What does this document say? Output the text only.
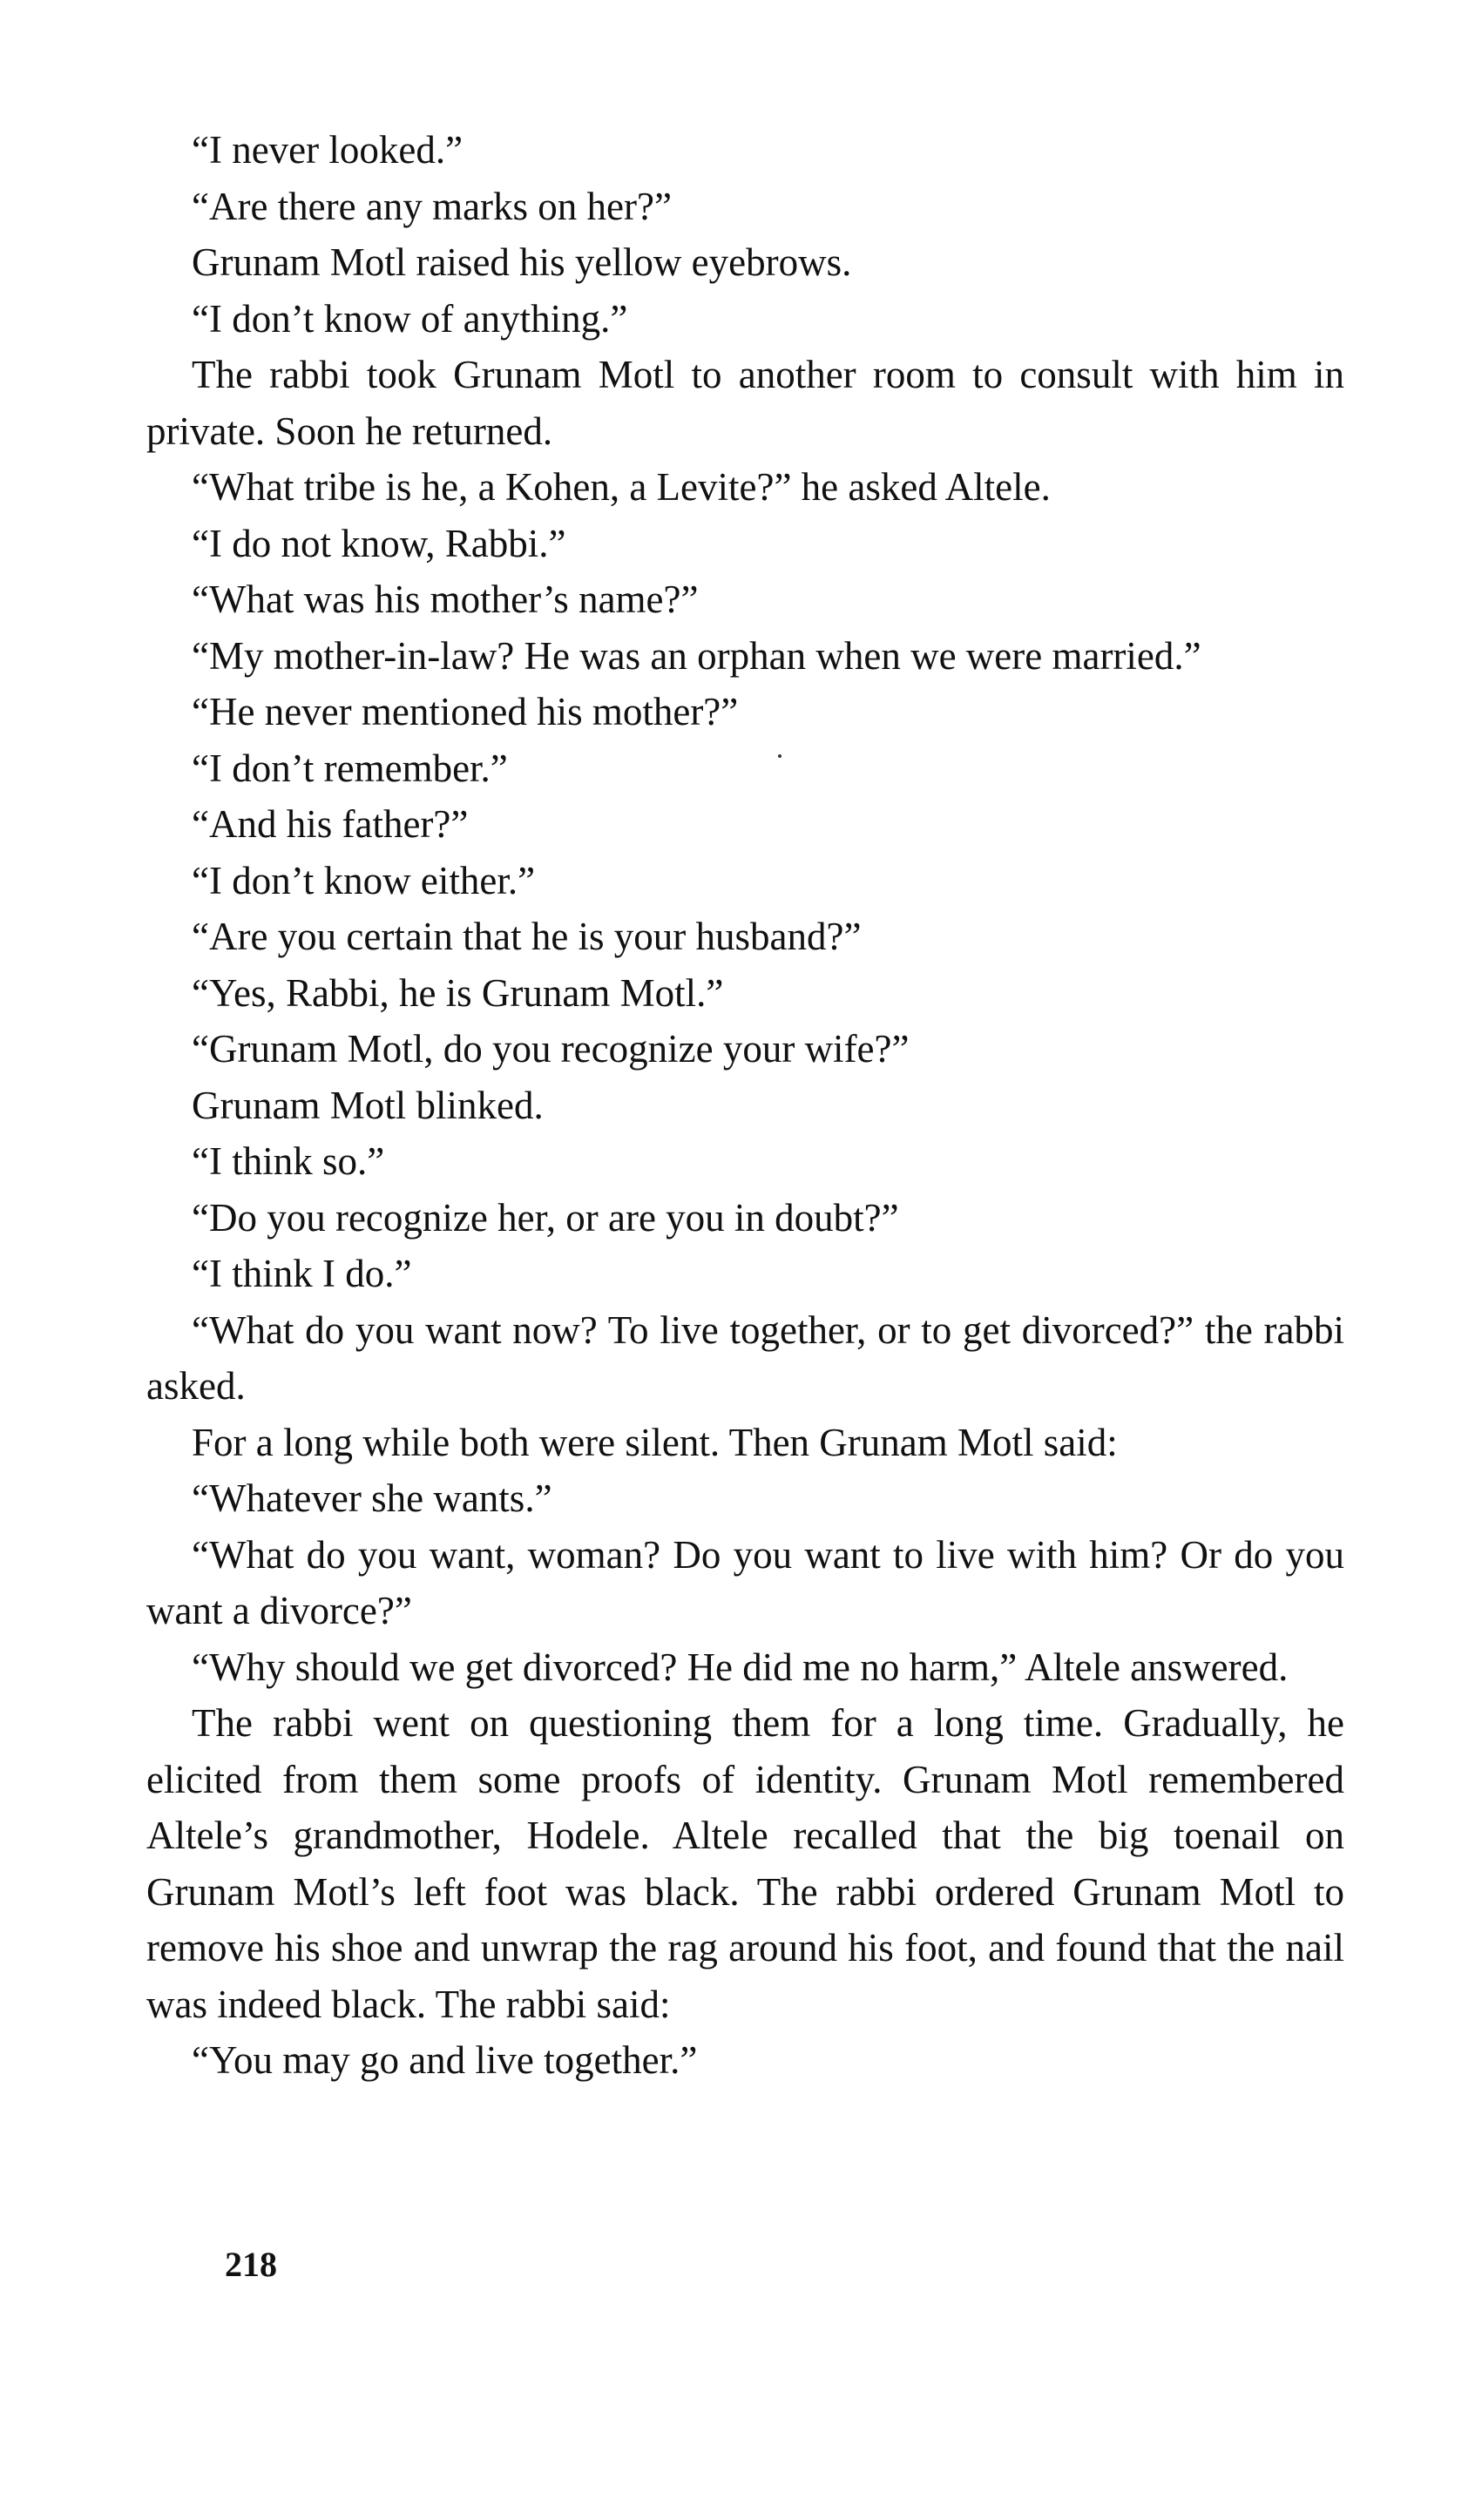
“I never looked.”

“Are there any marks on her?”

Grunam Motl raised his yellow eyebrows.

“I don’t know of anything.”

The rabbi took Grunam Motl to another room to consult with him in private. Soon he returned.

“What tribe is he, a Kohen, a Levite?” he asked Altele.

“I do not know, Rabbi.”

“What was his mother’s name?”

“My mother-in-law? He was an orphan when we were married.”

“He never mentioned his mother?”

“I don’t remember.”

“And his father?”

“I don’t know either.”

“Are you certain that he is your husband?”

“Yes, Rabbi, he is Grunam Motl.”

“Grunam Motl, do you recognize your wife?”

Grunam Motl blinked.

“I think so.”

“Do you recognize her, or are you in doubt?”

“I think I do.”

“What do you want now? To live together, or to get divorced?” the rabbi asked.

For a long while both were silent. Then Grunam Motl said:

“Whatever she wants.”

“What do you want, woman? Do you want to live with him? Or do you want a divorce?”

“Why should we get divorced? He did me no harm,” Altele answered.

The rabbi went on questioning them for a long time. Gradually, he elicited from them some proofs of identity. Grunam Motl remembered Altele’s grandmother, Hodele. Altele recalled that the big toenail on Grunam Motl’s left foot was black. The rabbi ordered Grunam Motl to remove his shoe and unwrap the rag around his foot, and found that the nail was indeed black. The rabbi said:

“You may go and live together.”

218
